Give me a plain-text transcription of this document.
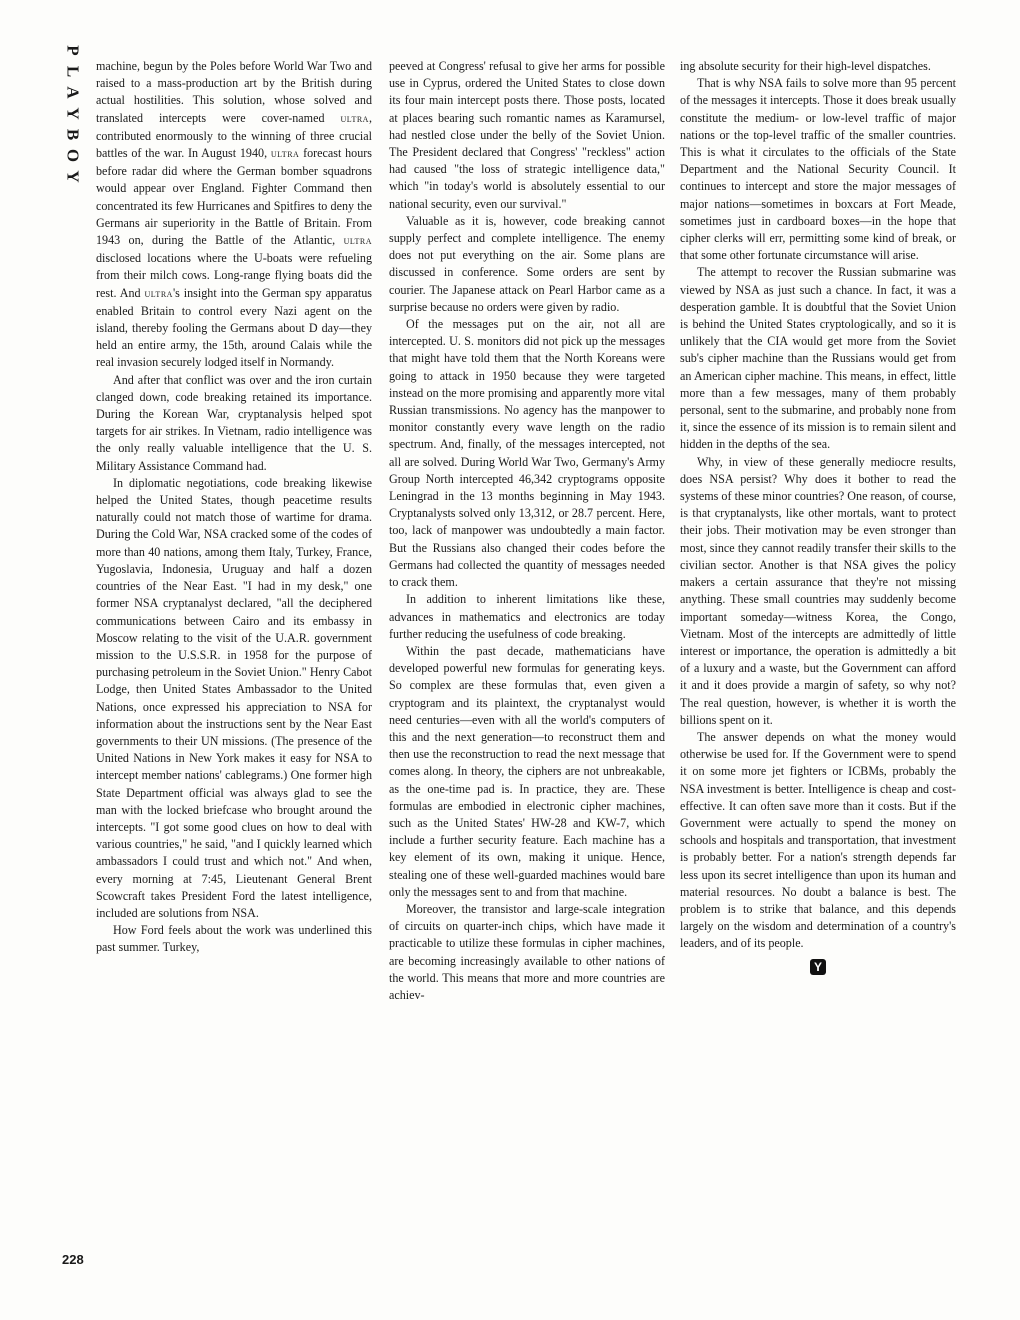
P
L
A
Y
B
O
Y
228

machine, begun by the Poles before World War Two and raised to a mass-production art by the British during actual hostilities. This solution, whose solved and translated intercepts were cover-named ultra, contributed enormously to the winning of three crucial battles of the war. In August 1940, ultra forecast hours before radar did where the German bomber squadrons would appear over England. Fighter Command then concentrated its few Hurricanes and Spitfires to deny the Germans air superiority in the Battle of Britain. From 1943 on, during the Battle of the Atlantic, ultra disclosed locations where the U-boats were refueling from their milch cows. Long-range flying boats did the rest. And ultra's insight into the German spy apparatus enabled Britain to control every Nazi agent on the island, thereby fooling the Germans about D day—they held an entire army, the 15th, around Calais while the real invasion securely lodged itself in Normandy.

And after that conflict was over and the iron curtain clanged down, code breaking retained its importance. During the Korean War, cryptanalysis helped spot targets for air strikes. In Vietnam, radio intelligence was the only really valuable intelligence that the U. S. Military Assistance Command had.

In diplomatic negotiations, code breaking likewise helped the United States, though peacetime results naturally could not match those of wartime for drama. During the Cold War, NSA cracked some of the codes of more than 40 nations, among them Italy, Turkey, France, Yugoslavia, Indonesia, Uruguay and half a dozen countries of the Near East. "I had in my desk," one former NSA cryptanalyst declared, "all the deciphered communications between Cairo and its embassy in Moscow relating to the visit of the U.A.R. government mission to the U.S.S.R. in 1958 for the purpose of purchasing petroleum in the Soviet Union." Henry Cabot Lodge, then United States Ambassador to the United Nations, once expressed his appreciation to NSA for information about the instructions sent by the Near East governments to their UN missions. (The presence of the United Nations in New York makes it easy for NSA to intercept member nations' cablegrams.) One former high State Department official was always glad to see the man with the locked briefcase who brought around the intercepts. "I got some good clues on how to deal with various countries," he said, "and I quickly learned which ambassadors I could trust and which not." And when, every morning at 7:45, Lieutenant General Brent Scowcraft takes President Ford the latest intelligence, included are solutions from NSA.

How Ford feels about the work was underlined this past summer. Turkey,

peeved at Congress' refusal to give her arms for possible use in Cyprus, ordered the United States to close down its four main intercept posts there. Those posts, located at places bearing such romantic names as Karamursel, had nestled close under the belly of the Soviet Union. The President declared that Congress' "reckless" action had caused "the loss of strategic intelligence data," which "in today's world is absolutely essential to our national security, even our survival."

Valuable as it is, however, code breaking cannot supply perfect and complete intelligence. The enemy does not put everything on the air. Some plans are discussed in conference. Some orders are sent by courier. The Japanese attack on Pearl Harbor came as a surprise because no orders were given by radio.

Of the messages put on the air, not all are intercepted. U. S. monitors did not pick up the messages that might have told them that the North Koreans were going to attack in 1950 because they were targeted instead on the more promising and apparently more vital Russian transmissions. No agency has the manpower to monitor constantly every wave length on the radio spectrum. And, finally, of the messages intercepted, not all are solved. During World War Two, Germany's Army Group North intercepted 46,342 cryptograms opposite Leningrad in the 13 months beginning in May 1943. Cryptanalysts solved only 13,312, or 28.7 percent. Here, too, lack of manpower was undoubtedly a main factor. But the Russians also changed their codes before the Germans had collected the quantity of messages needed to crack them.

In addition to inherent limitations like these, advances in mathematics and electronics are today further reducing the usefulness of code breaking.

Within the past decade, mathematicians have developed powerful new formulas for generating keys. So complex are these formulas that, even given a cryptogram and its plaintext, the cryptanalyst would need centuries—even with all the world's computers of this and the next generation—to reconstruct them and then use the reconstruction to read the next message that comes along. In theory, the ciphers are not unbreakable, as the one-time pad is. In practice, they are. These formulas are embodied in electronic cipher machines, such as the United States' HW-28 and KW-7, which include a further security feature. Each machine has a key element of its own, making it unique. Hence, stealing one of these well-guarded machines would bare only the messages sent to and from that machine.

Moreover, the transistor and large-scale integration of circuits on quarter-inch chips, which have made it practicable to utilize these formulas in cipher machines, are becoming increasingly available to other nations of the world. This means that more and more countries are achiev-

ing absolute security for their high-level dispatches.

That is why NSA fails to solve more than 95 percent of the messages it intercepts. Those it does break usually constitute the medium- or low-level traffic of major nations or the top-level traffic of the smaller countries. This is what it circulates to the officials of the State Department and the National Security Council. It continues to intercept and store the major messages of major nations—sometimes in boxcars at Fort Meade, sometimes just in cardboard boxes—in the hope that cipher clerks will err, permitting some kind of break, or that some other fortunate circumstance will arise.

The attempt to recover the Russian submarine was viewed by NSA as just such a chance. In fact, it was a desperation gamble. It is doubtful that the Soviet Union is behind the United States cryptologically, and so it is unlikely that the CIA would get more from the Soviet sub's cipher machine than the Russians would get from an American cipher machine. This means, in effect, little more than a few messages, many of them probably personal, sent to the submarine, and probably none from it, since the essence of its mission is to remain silent and hidden in the depths of the sea.

Why, in view of these generally mediocre results, does NSA persist? Why does it bother to read the systems of these minor countries? One reason, of course, is that cryptanalysts, like other mortals, want to protect their jobs. Their motivation may be even stronger than most, since they cannot readily transfer their skills to the civilian sector. Another is that NSA gives the policy makers a certain assurance that they're not missing anything. These small countries may suddenly become important someday—witness Korea, the Congo, Vietnam. Most of the intercepts are admittedly of little interest or importance, the operation is admittedly a bit of a luxury and a waste, but the Government can afford it and it does provide a margin of safety, so why not? The real question, however, is whether it is worth the billions spent on it.

The answer depends on what the money would otherwise be used for. If the Government were to spend it on some more jet fighters or ICBMs, probably the NSA investment is better. Intelligence is cheap and cost-effective. It can often save more than it costs. But if the Government were actually to spend the money on schools and hospitals and transportation, that investment is probably better. For a nation's strength depends far less upon its secret intelligence than upon its human and material resources. No doubt a balance is best. The problem is to strike that balance, and this depends largely on the wisdom and determination of a country's leaders, and of its people.

Y
